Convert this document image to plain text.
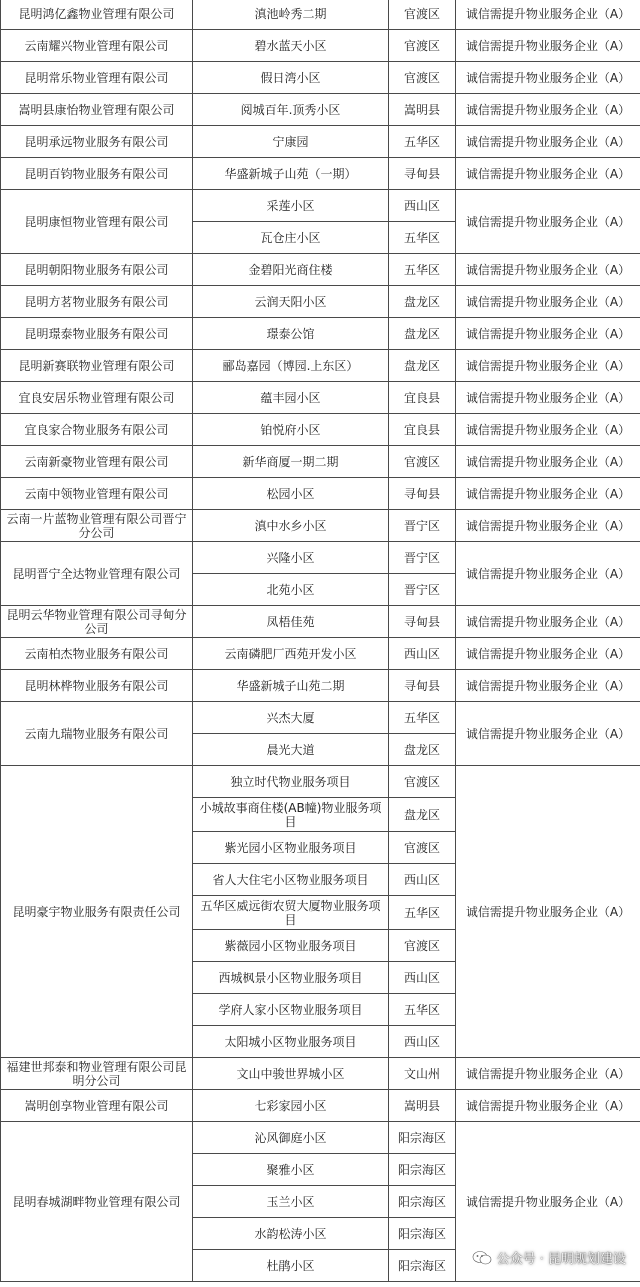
昆明鸿亿鑫物业管理有限公司	滇池岭秀二期	官渡区	诚信需提升物业服务企业（A）
云南耀兴物业管理有限公司	碧水蓝天小区	官渡区	诚信需提升物业服务企业（A）
昆明常乐物业管理有限公司	假日湾小区	官渡区	诚信需提升物业服务企业（A）
嵩明县康怡物业管理有限公司	阅城百年.顶秀小区	嵩明县	诚信需提升物业服务企业（A）
昆明承远物业服务有限公司	宁康园	五华区	诚信需提升物业服务企业（A）
昆明百钧物业服务有限公司	华盛新城子山苑（一期）	寻甸县	诚信需提升物业服务企业（A）
昆明康恒物业管理有限公司	采莲小区	西山区	诚信需提升物业服务企业（A）
	瓦仓庄小区	五华区	
昆明朝阳物业服务有限公司	金碧阳光商住楼	五华区	诚信需提升物业服务企业（A）
昆明方茗物业服务有限公司	云润天阳小区	盘龙区	诚信需提升物业服务企业（A）
昆明璟泰物业服务有限公司	璟泰公馆	盘龙区	诚信需提升物业服务企业（A）
昆明新赛联物业管理有限公司	郦岛嘉园（博园.上东区）	盘龙区	诚信需提升物业服务企业（A）
宜良安居乐物业管理有限公司	蕴丰园小区	宜良县	诚信需提升物业服务企业（A）
宜良家合物业服务有限公司	铂悦府小区	宜良县	诚信需提升物业服务企业（A）
云南新豪物业管理有限公司	新华商厦一期二期	官渡区	诚信需提升物业服务企业（A）
云南中领物业管理有限公司	松园小区	寻甸县	诚信需提升物业服务企业（A）
云南一片蓝物业管理有限公司晋宁分公司	滇中水乡小区	晋宁区	诚信需提升物业服务企业（A）
昆明晋宁全达物业管理有限公司	兴隆小区	晋宁区	诚信需提升物业服务企业（A）
	北苑小区	晋宁区	
昆明云华物业管理有限公司寻甸分公司	凤梧佳苑	寻甸县	诚信需提升物业服务企业（A）
云南柏杰物业服务有限公司	云南磷肥厂西苑开发小区	西山区	诚信需提升物业服务企业（A）
昆明林桦物业服务有限公司	华盛新城子山苑二期	寻甸县	诚信需提升物业服务企业（A）
云南九瑞物业服务有限公司	兴杰大厦	五华区	诚信需提升物业服务企业（A）
	晨光大道	盘龙区	
昆明豪宇物业服务有限责任公司	独立时代物业服务项目	官渡区	诚信需提升物业服务企业（A）
	小城故事商住楼(AB幢)物业服务项目	盘龙区	
	紫光园小区物业服务项目	官渡区	
	省人大住宅小区物业服务项目	西山区	
	五华区威远街农贸大厦物业服务项目	五华区	
	紫薇园小区物业服务项目	官渡区	
	西城枫景小区物业服务项目	西山区	
	学府人家小区物业服务项目	五华区	
	太阳城小区物业服务项目	西山区	
福建世邦泰和物业管理有限公司昆明分公司	文山中骏世界城小区	文山州	诚信需提升物业服务企业（A）
嵩明创享物业管理有限公司	七彩家园小区	嵩明县	诚信需提升物业服务企业（A）
昆明春城湖畔物业管理有限公司	沁风御庭小区	阳宗海区	诚信需提升物业服务企业（A）
	聚雅小区	阳宗海区	
	玉兰小区	阳宗海区	
	水韵松涛小区	阳宗海区	
	杜鹃小区	阳宗海区		公众号 · 昆明规划建设
